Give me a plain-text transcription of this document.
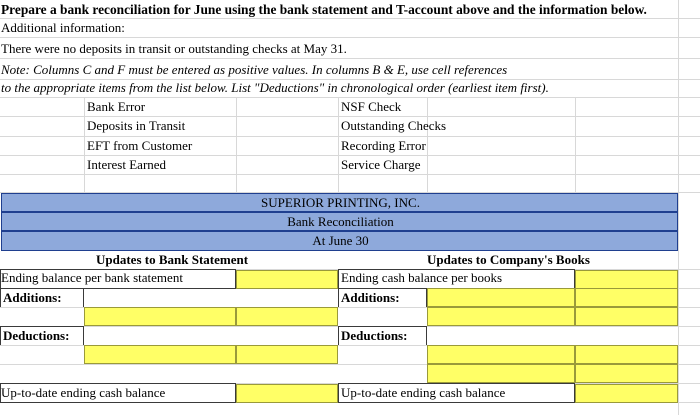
Prepare a bank reconciliation for June using the bank statement and T-account above and the information below.
Additional information:
There were no deposits in transit or outstanding checks at May 31.
Note: Columns C and F must be entered as positive values. In columns B & E, use cell references
to the appropriate items from the list below. List "Deductions" in chronological order (earliest item first).
Bank Error
Deposits in Transit
EFT from Customer
Interest Earned
NSF Check
Outstanding Checks
Recording Error
Service Charge
SUPERIOR PRINTING, INC.
Bank Reconciliation
At June 30
Updates to Bank Statement	Updates to Company's Books
Ending balance per bank statement
Additions:
Deductions:
Up-to-date ending cash balance
Ending cash balance per books
Additions:
Deductions:
Up-to-date ending cash balance
